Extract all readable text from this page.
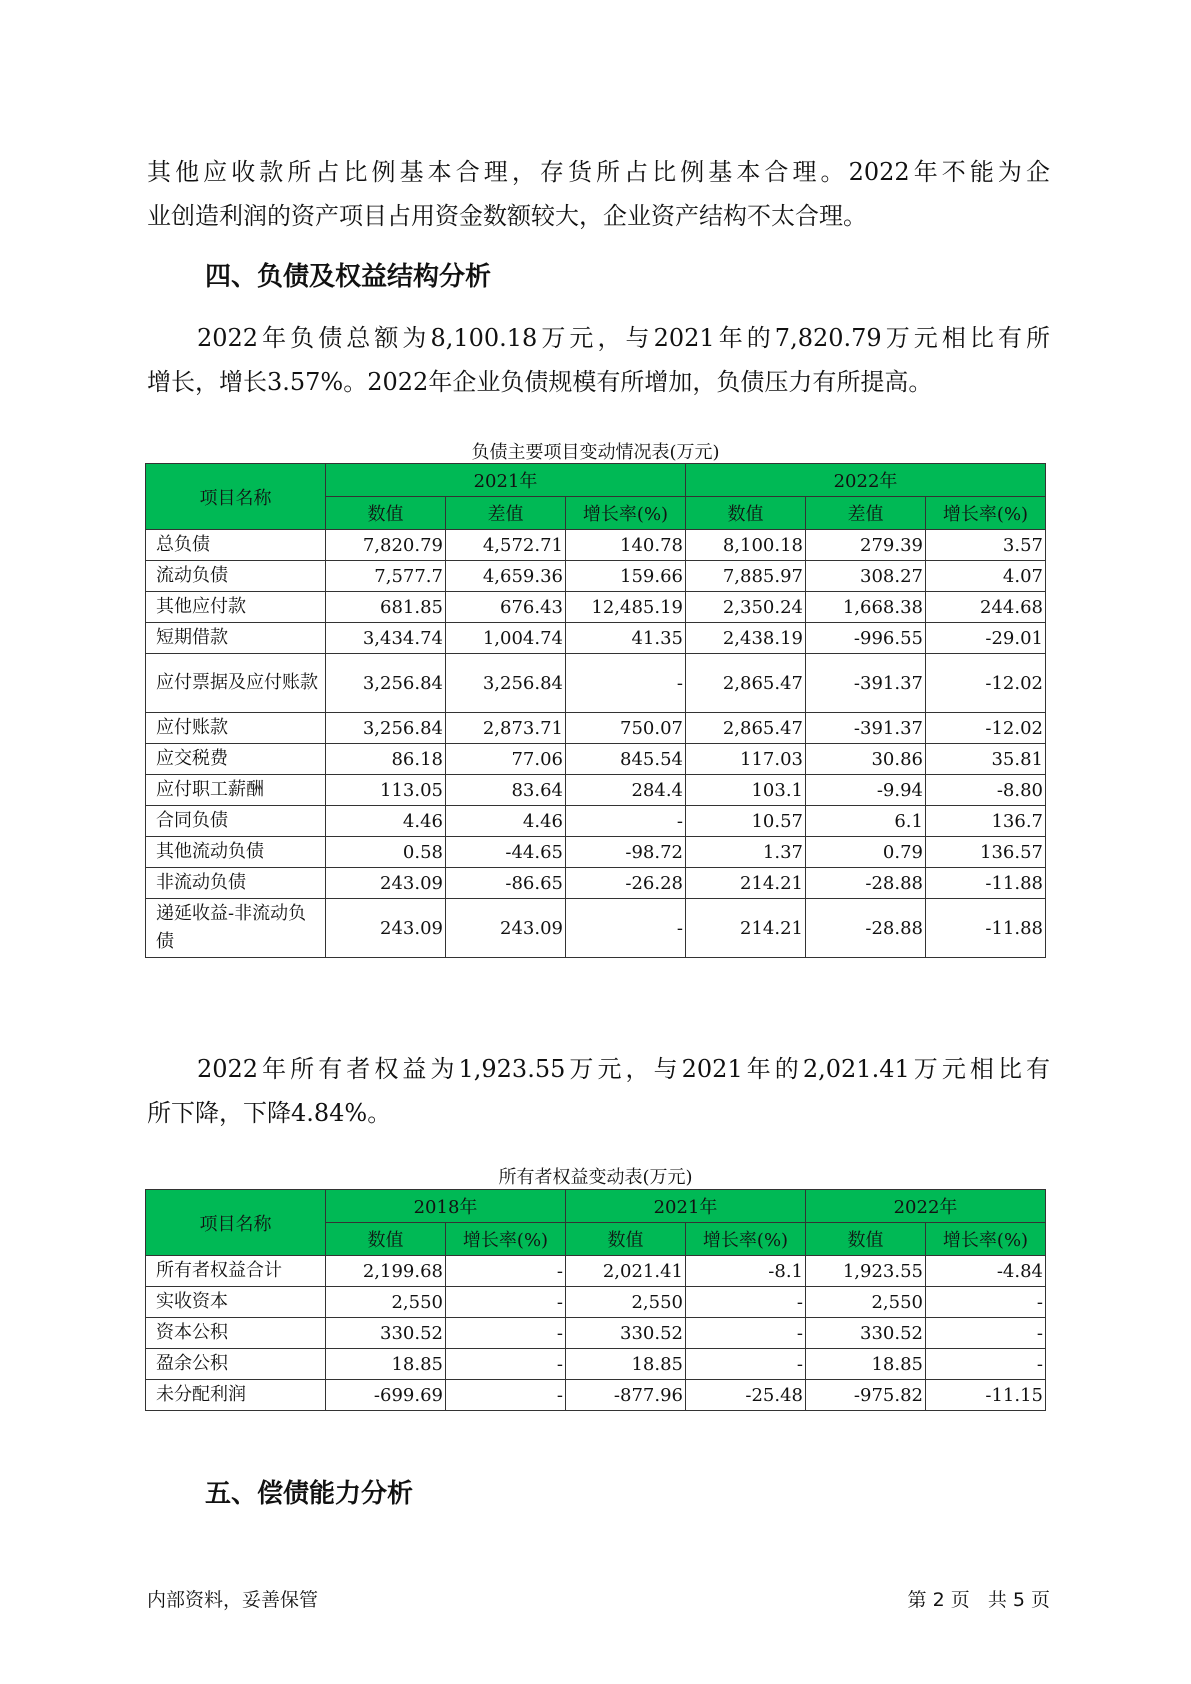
其他应收款所占比例基本合理，存货所占比例基本合理。2022年不能为企
业创造利润的资产项目占用资金数额较大，企业资产结构不太合理。
四、负债及权益结构分析
2022年负债总额为8,100.18万元，与2021年的7,820.79万元相比有所
增长，增长3.57%。2022年企业负债规模有所增加，负债压力有所提高。
负债主要项目变动情况表(万元)
项目名称	2021年			2022年		
	数值	差值	增长率(%)	数值	差值	增长率(%)
总负债	7,820.79	4,572.71	140.78	8,100.18	279.39	3.57
流动负债	7,577.7	4,659.36	159.66	7,885.97	308.27	4.07
其他应付款	681.85	676.43	12,485.19	2,350.24	1,668.38	244.68
短期借款	3,434.74	1,004.74	41.35	2,438.19	-996.55	-29.01
应付票据及应付账款	3,256.84	3,256.84	-	2,865.47	-391.37	-12.02
应付账款	3,256.84	2,873.71	750.07	2,865.47	-391.37	-12.02
应交税费	86.18	77.06	845.54	117.03	30.86	35.81
应付职工薪酬	113.05	83.64	284.4	103.1	-9.94	-8.80
合同负债	4.46	4.46	-	10.57	6.1	136.7
其他流动负债	0.58	-44.65	-98.72	1.37	0.79	136.57
非流动负债	243.09	-86.65	-26.28	214.21	-28.88	-11.88
递延收益-非流动负债	243.09	243.09	-	214.21	-28.88	-11.88
2022年所有者权益为1,923.55万元，与2021年的2,021.41万元相比有
所下降，下降4.84%。
所有者权益变动表(万元)
项目名称	2018年		2021年		2022年	
	数值	增长率(%)	数值	增长率(%)	数值	增长率(%)
所有者权益合计	2,199.68	-	2,021.41	-8.1	1,923.55	-4.84
实收资本	2,550	-	2,550	-	2,550	-
资本公积	330.52	-	330.52	-	330.52	-
盈余公积	18.85	-	18.85	-	18.85	-
未分配利润	-699.69	-	-877.96	-25.48	-975.82	-11.15
五、偿债能力分析
内部资料，妥善保管	第 2 页   共 5 页
